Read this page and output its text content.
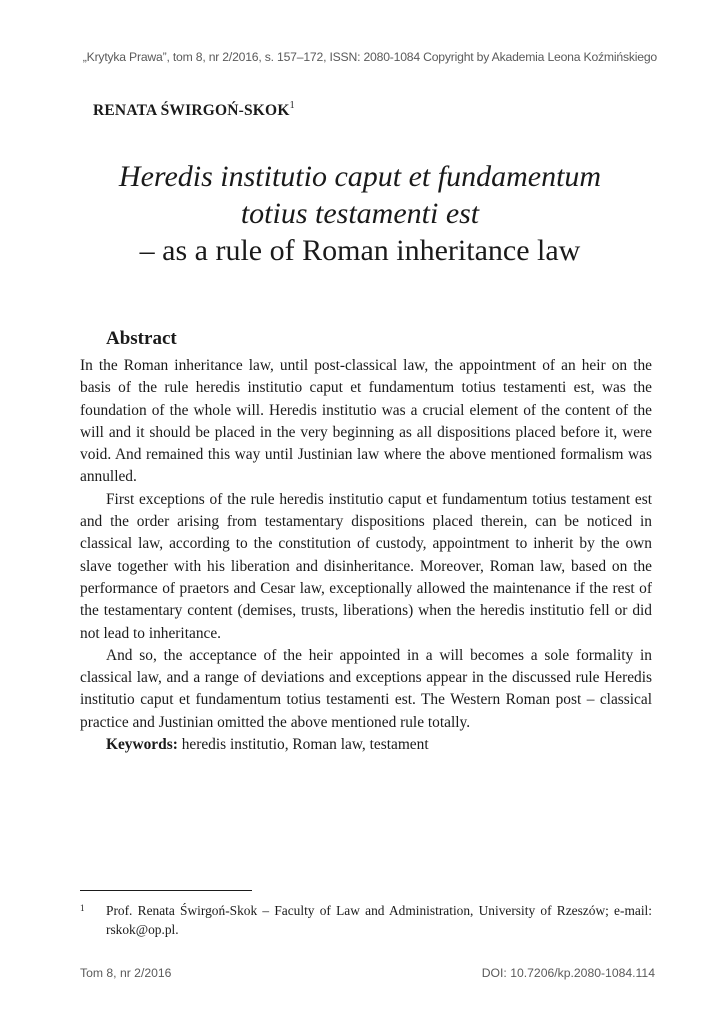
„Krytyka Prawa”, tom 8, nr 2/2016, s. 157–172, ISSN: 2080-1084 Copyright by Akademia Leona Koźmińskiego
RENATA ŚWIRGOŃ-SKOK$^1$
Heredis institutio caput et fundamentum
totius testamenti est
– as a rule of Roman inheritance law
Abstract

In the Roman inheritance law, until post-classical law, the appointment of an heir on the basis of the rule heredis institutio caput et fundamentum totius testamenti est, was the foundation of the whole will. Heredis institutio was a crucial element of the content of the will and it should be placed in the very beginning as all dispositions placed before it, were void. And remained this way until Justinian law where the above mentioned formalism was annulled.

First exceptions of the rule heredis institutio caput et fundamentum totius testament est and the order arising from testamentary dispositions placed therein, can be noticed in classical law, according to the constitution of custody, appointment to inherit by the own slave together with his liberation and disinheritance. Moreover, Roman law, based on the performance of praetors and Cesar law, exceptionally allowed the maintenance if the rest of the testamentary content (demises, trusts, liberations) when the heredis institutio fell or did not lead to inheritance.

And so, the acceptance of the heir appointed in a will becomes a sole formality in classical law, and a range of deviations and exceptions appear in the discussed rule Heredis institutio caput et fundamentum totius testamenti est. The Western Roman post – classical practice and Justinian omitted the above mentioned rule totally.

Keywords: heredis institutio, Roman law, testament

1	Prof. Renata Świrgoń-Skok – Faculty of Law and Administration, University of Rzeszów; e-mail: rskok@op.pl.
Tom 8, nr 2/2016	DOI: 10.7206/kp.2080-1084.114
